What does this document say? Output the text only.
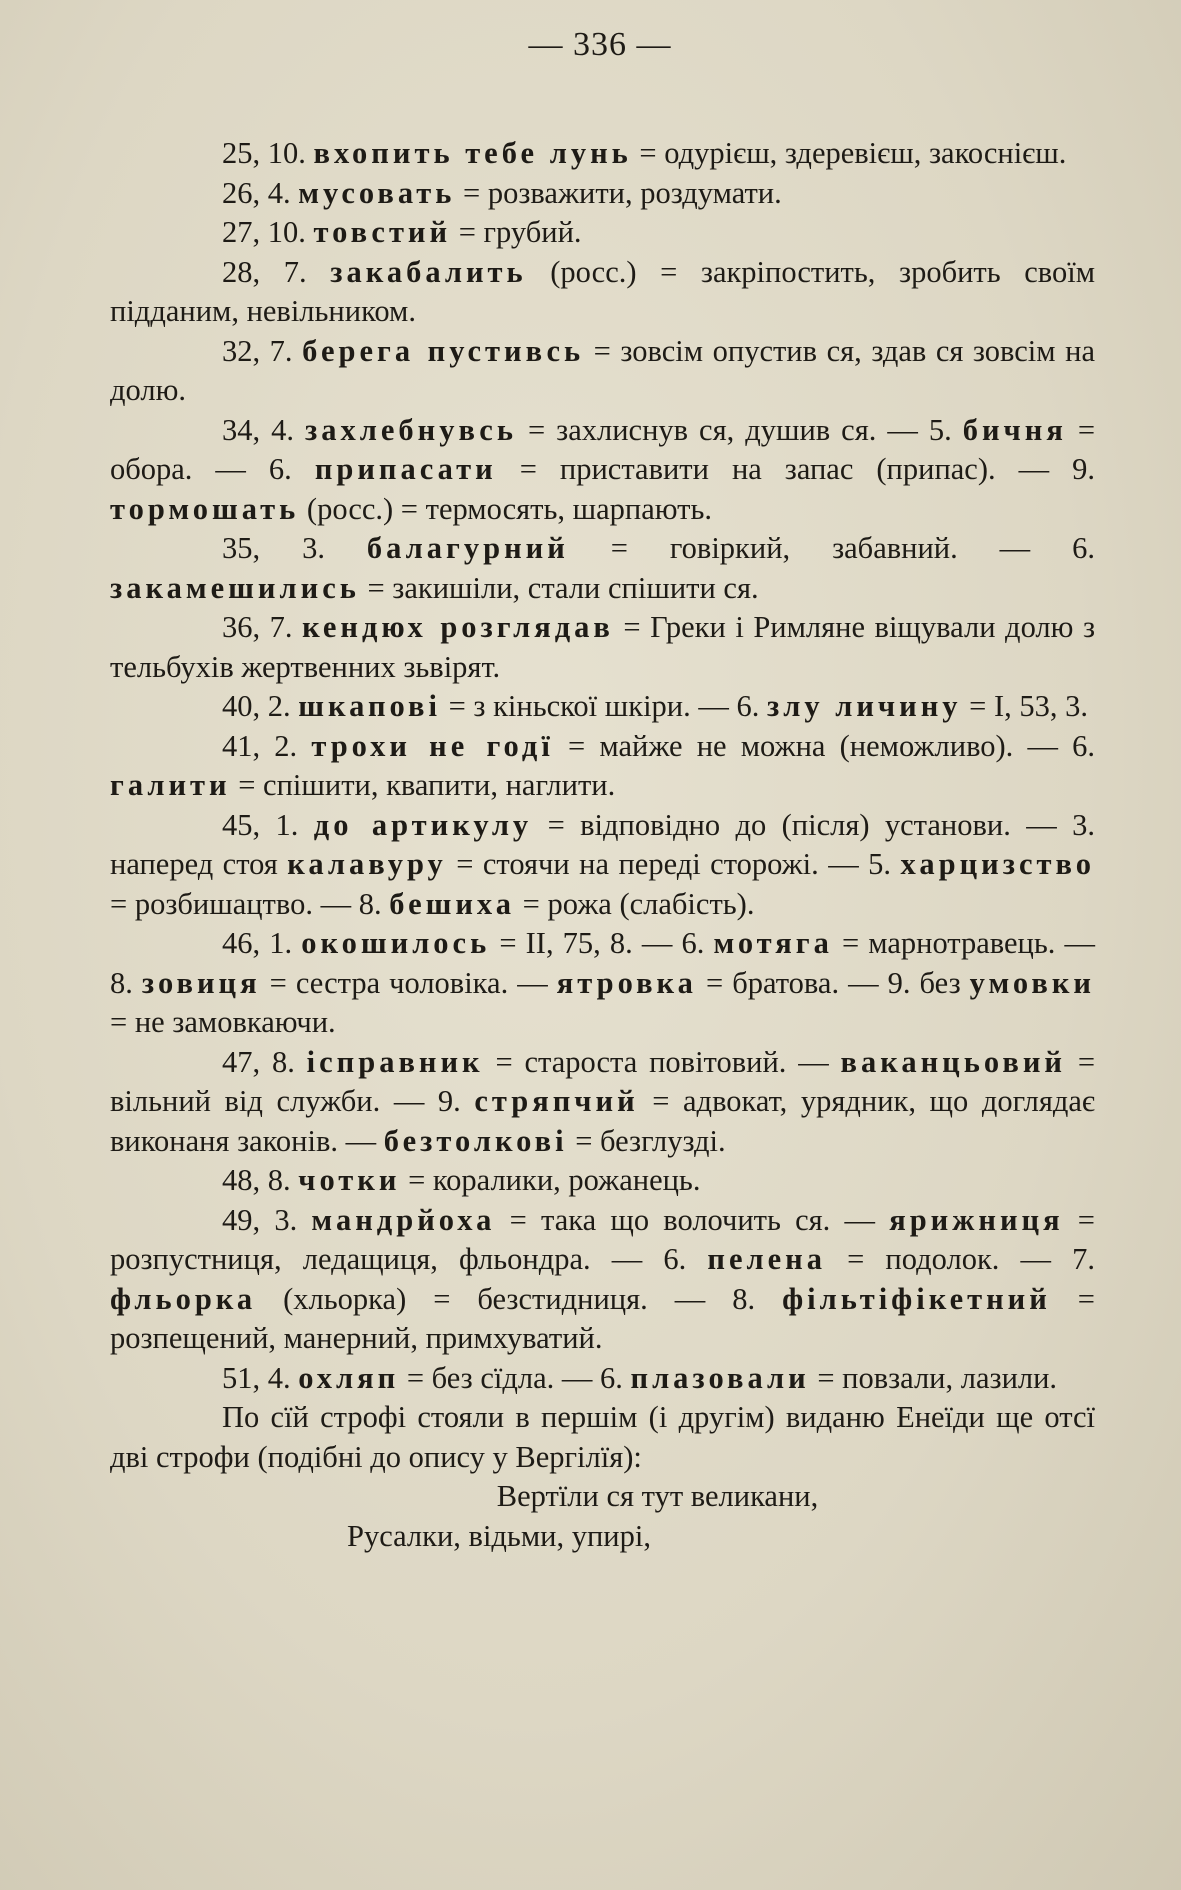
— 336 —

25, 10. вхопить тебе лунь = одурієш, здеревієш, закоснієш.

26, 4. мусовать = розважити, роздумати.

27, 10. товстий = грубий.

28, 7. закабалить (росс.) = закріпостить, зробить своїм підданим, невільником.

32, 7. берега пустивсь = зовсім опустив ся, здав ся зовсім на долю.

34, 4. захлебнувсь = захлиснув ся, душив ся. — 5. бичня = обора. — 6. припасати = приставити на запас (припас). — 9. тормошать (росс.) = термосять, шарпають.

35, 3. балагурний = говіркий, забавний. — 6. закамешились = закишіли, стали спішити ся.

36, 7. кендюх розглядав = Греки і Римляне віщували долю з тельбухів жертвенних зьвірят.

40, 2. шкапові = з кіньскої шкіри. — 6. злу личину = I, 53, 3.

41, 2. трохи не годї = майже не можна (неможливо). — 6. галити = спішити, квапити, наглити.

45, 1. до артикулу = відповідно до (після) установи. — 3. наперед стоя калавуру = стоячи на переді сторожі. — 5. харцизство = розбишацтво. — 8. бешиха = рожа (слабість).

46, 1. окошилось = II, 75, 8. — 6. мотяга = марнотравець. — 8. зовиця = сестра чоловіка. — ятровка = братова. — 9. без умовки = не замовкаючи.

47, 8. ісправник = староста повітовий. — ваканцьовий = вільний від служби. — 9. стряпчий = адвокат, урядник, що доглядає виконаня законів. — безтолкові = безглузді.

48, 8. чотки = коралики, рожанець.

49, 3. мандрйоха = така що волочить ся. — ярижниця = розпустниця, ледащиця, фльондра. — 6. пелена = подолок. — 7. фльорка (хльорка) = безстидниця. — 8. фільтіфікетний = розпещений, манерний, примхуватий.

51, 4. охляп = без сїдла. — 6. плазовали = повзали, лазили.

По сїй строфі стояли в першім (і другім) виданю Енеїди ще отсї дві строфи (подібні до опису у Вергілїя):

Вертїли ся тут великани,

Русалки, відьми, упирі,
